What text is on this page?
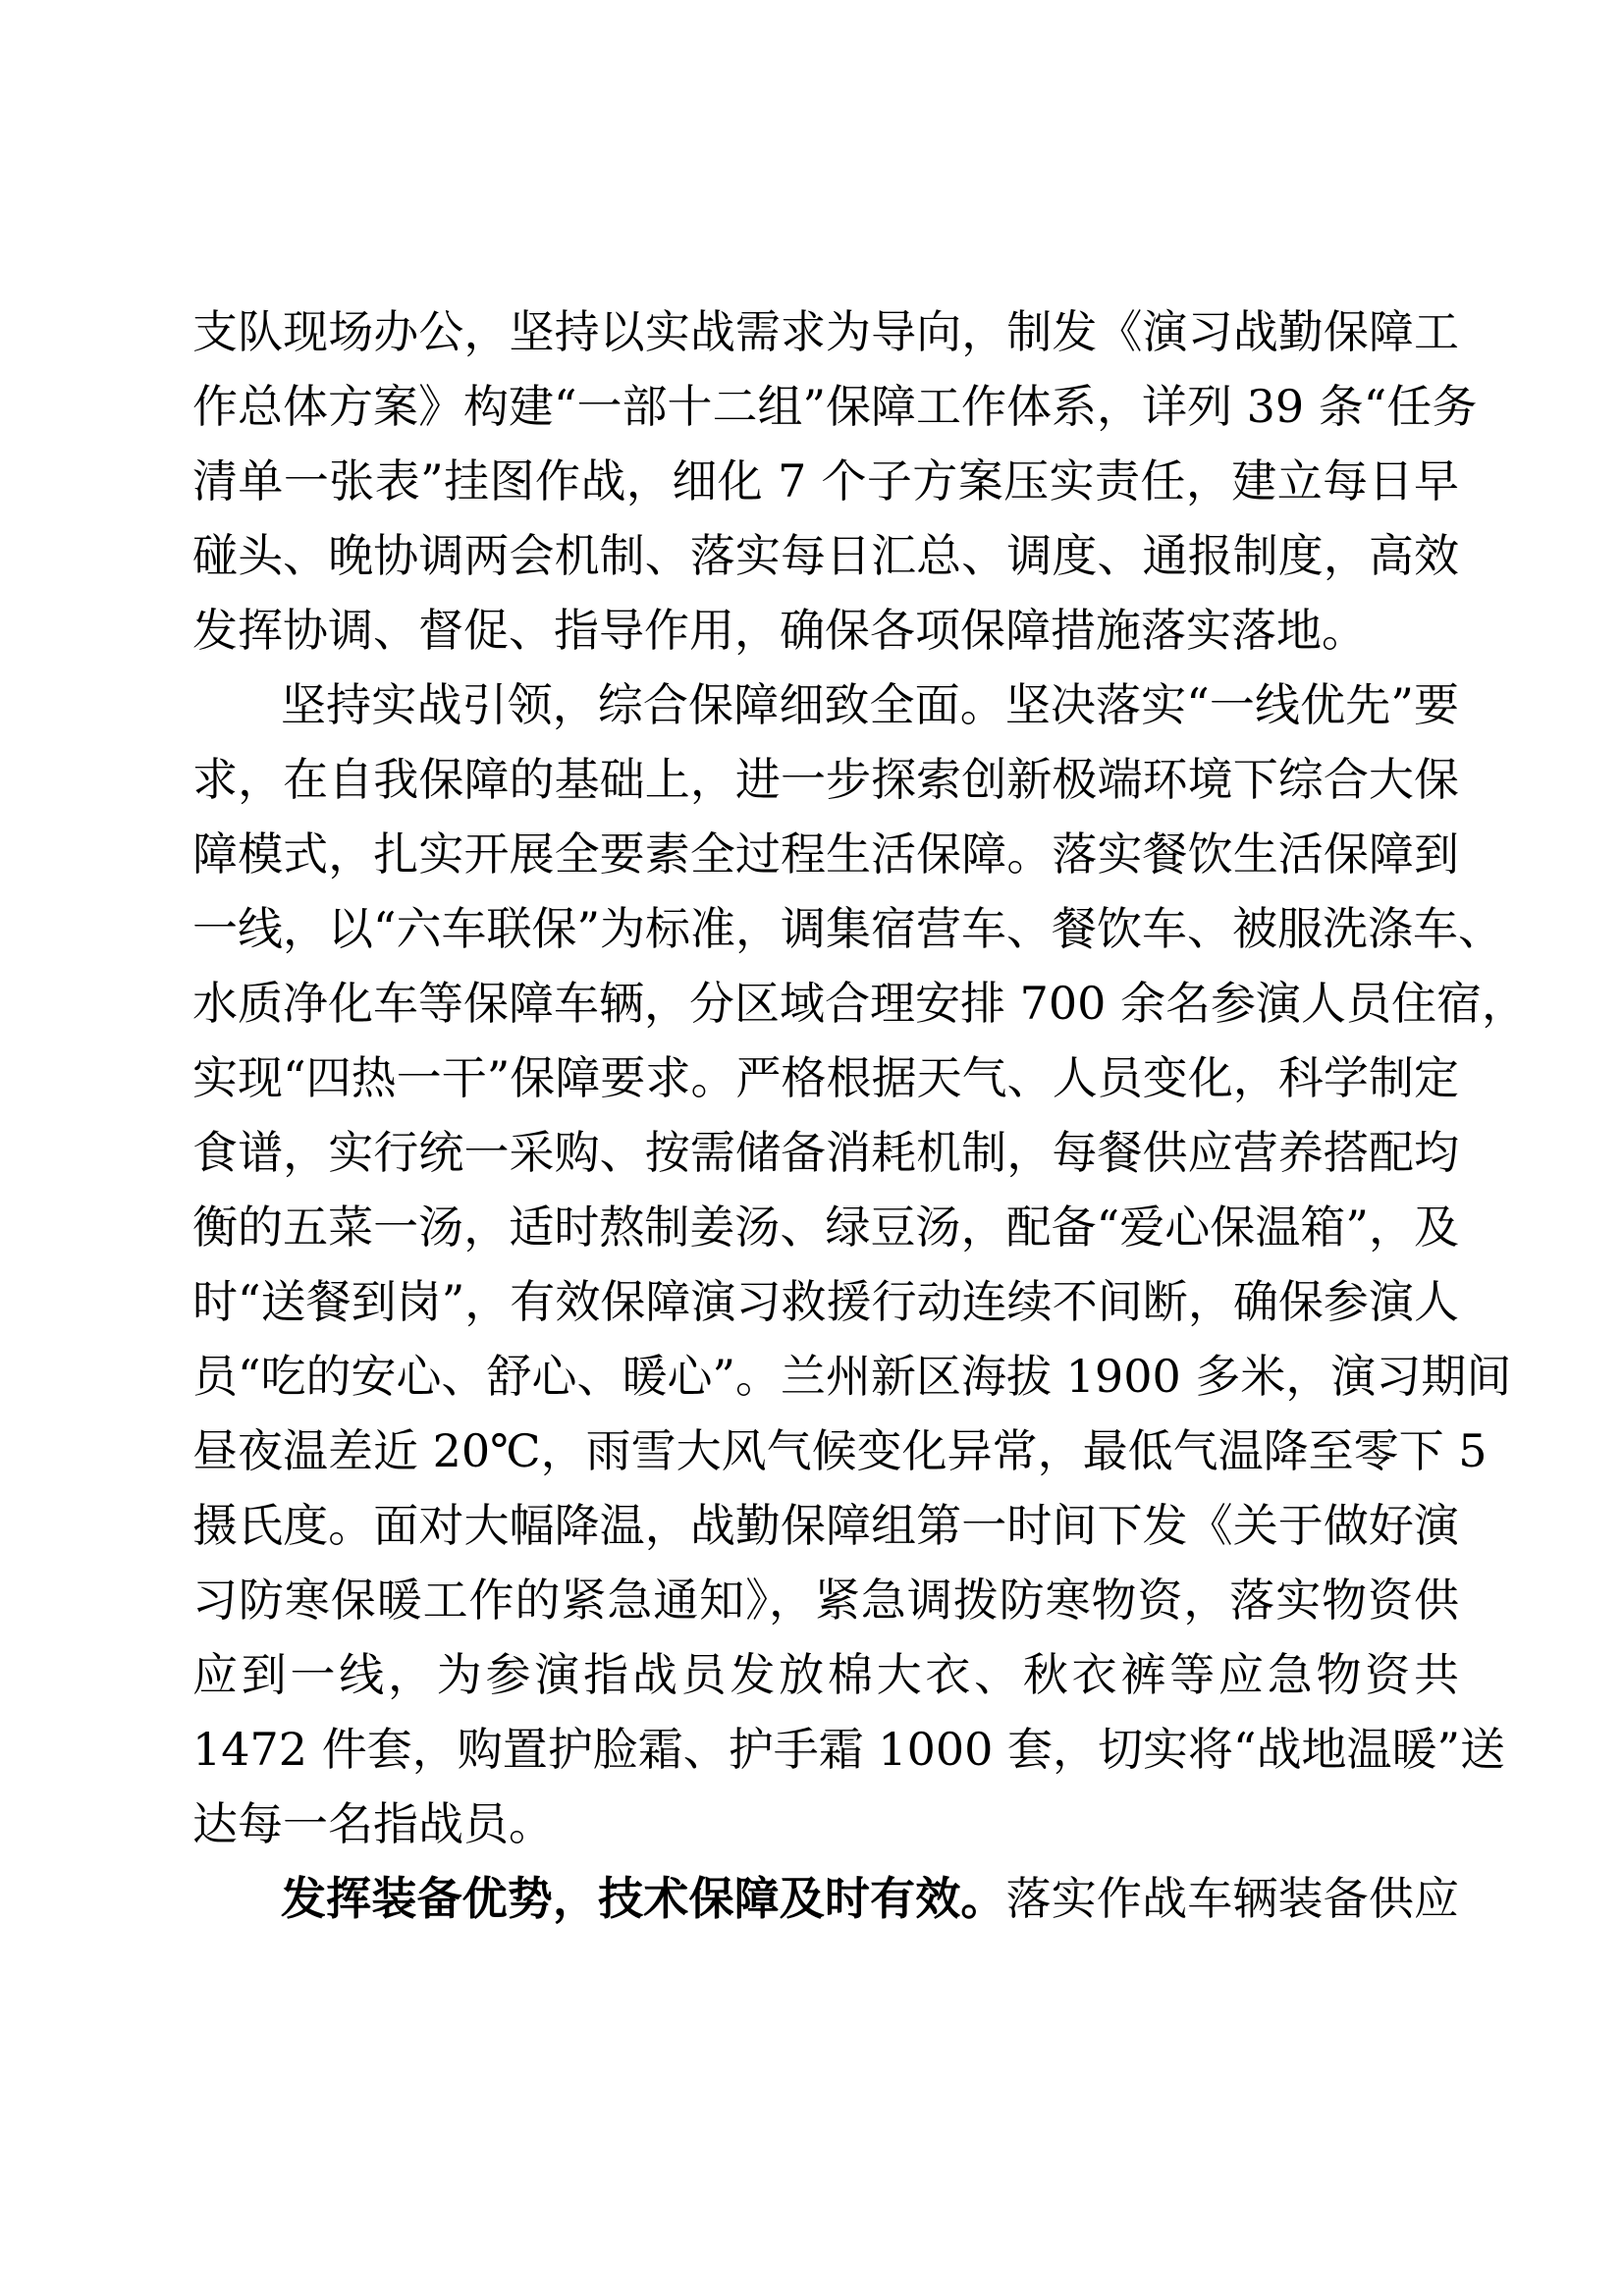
支队现场办公，坚持以实战需求为导向，制发《演习战勤保障工
作总体方案》构建“一部十二组”保障工作体系，详列 39 条“任务
清单一张表”挂图作战，细化 7 个子方案压实责任，建立每日早
碰头、晚协调两会机制、落实每日汇总、调度、通报制度，高效
发挥协调、督促、指导作用，确保各项保障措施落实落地。
坚持实战引领，综合保障细致全面。坚决落实“一线优先”要
求，在自我保障的基础上，进一步探索创新极端环境下综合大保
障模式，扎实开展全要素全过程生活保障。落实餐饮生活保障到
一线，以“六车联保”为标准，调集宿营车、餐饮车、被服洗涤车、
水质净化车等保障车辆，分区域合理安排 700 余名参演人员住宿，
实现“四热一干”保障要求。严格根据天气、人员变化，科学制定
食谱，实行统一采购、按需储备消耗机制，每餐供应营养搭配均
衡的五菜一汤，适时熬制姜汤、绿豆汤，配备“爱心保温箱”，及
时“送餐到岗”，有效保障演习救援行动连续不间断，确保参演人
员“吃的安心、舒心、暖心”。兰州新区海拔 1900 多米，演习期间
昼夜温差近 20℃，雨雪大风气候变化异常，最低气温降至零下 5
摄氏度。面对大幅降温，战勤保障组第一时间下发《关于做好演
习防寒保暖工作的紧急通知》，紧急调拨防寒物资，落实物资供
应到一线，为参演指战员发放棉大衣、秋衣裤等应急物资共
1472 件套，购置护脸霜、护手霜 1000 套，切实将“战地温暖”送
达每一名指战员。
发挥装备优势，技术保障及时有效。落实作战车辆装备供应
